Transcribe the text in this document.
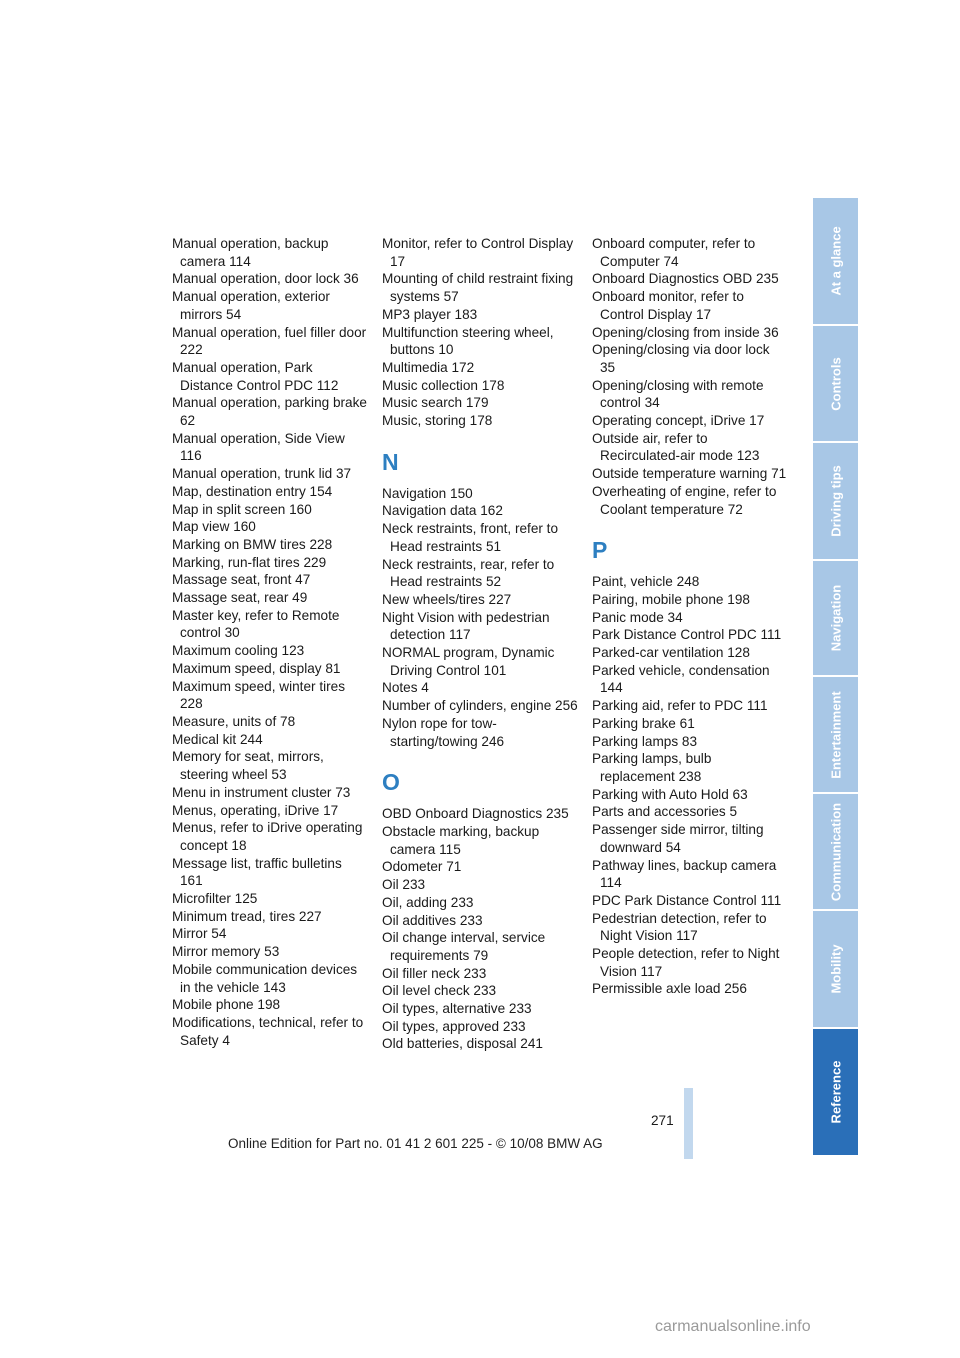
Manual operation, backup camera 114
Manual operation, door lock 36
Manual operation, exterior mirrors 54
Manual operation, fuel filler door 222
Manual operation, Park Distance Control PDC 112
Manual operation, parking brake 62
Manual operation, Side View 116
Manual operation, trunk lid 37
Map, destination entry 154
Map in split screen 160
Map view 160
Marking on BMW tires 228
Marking, run-flat tires 229
Massage seat, front 47
Massage seat, rear 49
Master key, refer to Remote control 30
Maximum cooling 123
Maximum speed, display 81
Maximum speed, winter tires 228
Measure, units of 78
Medical kit 244
Memory for seat, mirrors, steering wheel 53
Menu in instrument cluster 73
Menus, operating, iDrive 17
Menus, refer to iDrive operating concept 18
Message list, traffic bulletins 161
Microfilter 125
Minimum tread, tires 227
Mirror 54
Mirror memory 53
Mobile communication devices in the vehicle 143
Mobile phone 198
Modifications, technical, refer to Safety 4
Monitor, refer to Control Display 17
Mounting of child restraint fixing systems 57
MP3 player 183
Multifunction steering wheel, buttons 10
Multimedia 172
Music collection 178
Music search 179
Music, storing 178
N
Navigation 150
Navigation data 162
Neck restraints, front, refer to Head restraints 51
Neck restraints, rear, refer to Head restraints 52
New wheels/tires 227
Night Vision with pedestrian detection 117
NORMAL program, Dynamic Driving Control 101
Notes 4
Number of cylinders, engine 256
Nylon rope for tow-starting/towing 246
O
OBD Onboard Diagnostics 235
Obstacle marking, backup camera 115
Odometer 71
Oil 233
Oil, adding 233
Oil additives 233
Oil change interval, service requirements 79
Oil filler neck 233
Oil level check 233
Oil types, alternative 233
Oil types, approved 233
Old batteries, disposal 241
Onboard computer, refer to Computer 74
Onboard Diagnostics OBD 235
Onboard monitor, refer to Control Display 17
Opening/closing from inside 36
Opening/closing via door lock 35
Opening/closing with remote control 34
Operating concept, iDrive 17
Outside air, refer to Recirculated-air mode 123
Outside temperature warning 71
Overheating of engine, refer to Coolant temperature 72
P
Paint, vehicle 248
Pairing, mobile phone 198
Panic mode 34
Park Distance Control PDC 111
Parked-car ventilation 128
Parked vehicle, condensation 144
Parking aid, refer to PDC 111
Parking brake 61
Parking lamps 83
Parking lamps, bulb replacement 238
Parking with Auto Hold 63
Parts and accessories 5
Passenger side mirror, tilting downward 54
Pathway lines, backup camera 114
PDC Park Distance Control 111
Pedestrian detection, refer to Night Vision 117
People detection, refer to Night Vision 117
Permissible axle load 256
At a glance
Controls
Driving tips
Navigation
Entertainment
Communication
Mobility
Reference
271
Online Edition for Part no. 01 41 2 601 225 - © 10/08 BMW AG
carmanualsonline.info
